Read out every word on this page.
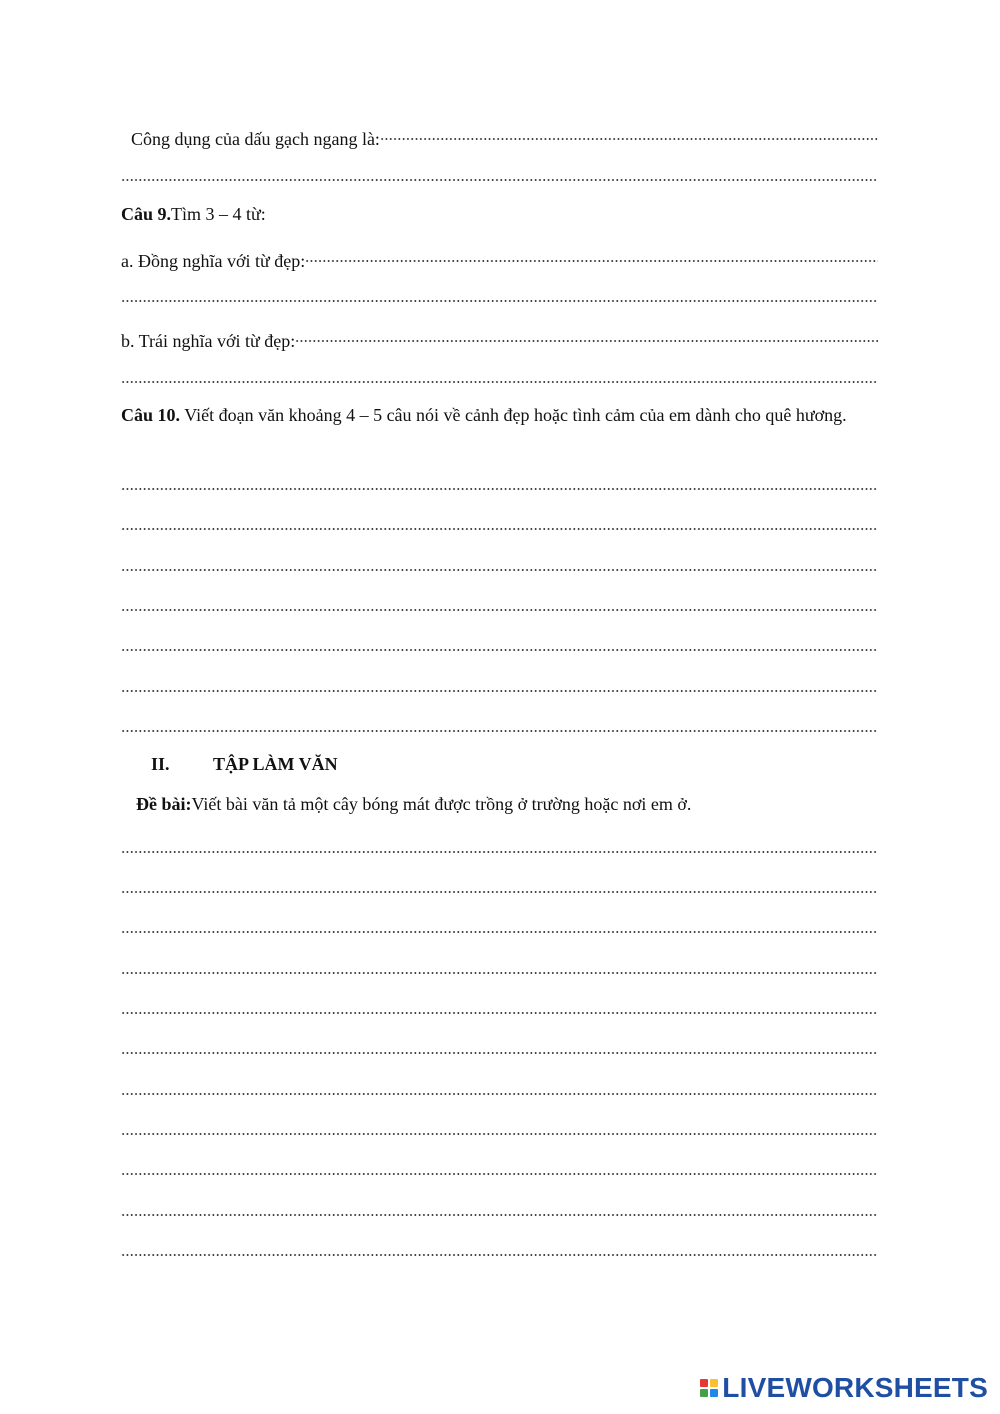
Công dụng của dấu gạch ngang là:
Câu 9. Tìm 3 – 4 từ:
a. Đồng nghĩa với từ đẹp:
b. Trái nghĩa với từ đẹp:
Câu 10. Viết đoạn văn khoảng 4 – 5 câu nói về cảnh đẹp hoặc tình cảm của em dành cho quê hương.
II. TẬP LÀM VĂN
Đề bài: Viết bài văn tả một cây bóng mát được trồng ở trường hoặc nơi em ở.
LIVEWORKSHEETS
